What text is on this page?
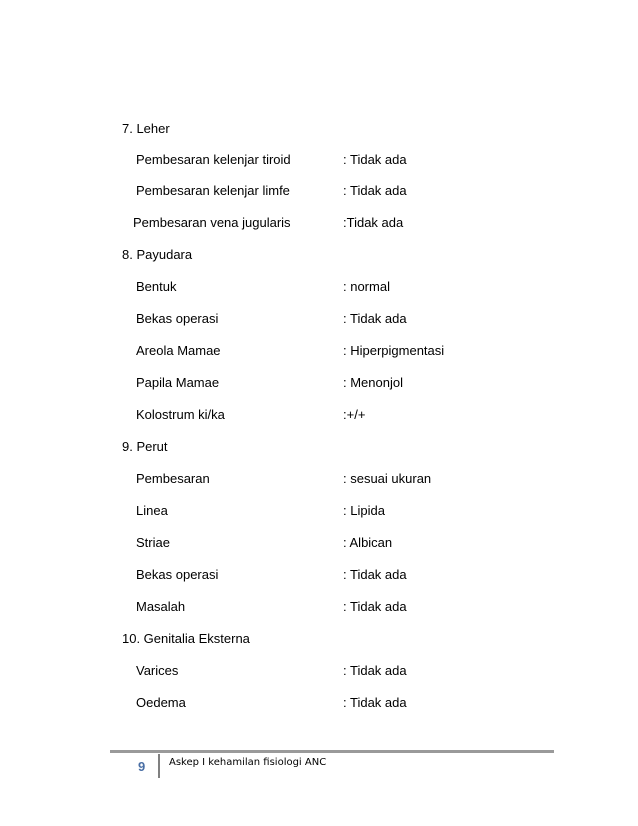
7. Leher
Pembesaran kelenjar tiroid	: Tidak ada
Pembesaran kelenjar limfe	: Tidak ada
Pembesaran vena jugularis	:Tidak ada
8. Payudara
Bentuk	: normal
Bekas operasi	: Tidak ada
Areola Mamae	: Hiperpigmentasi
Papila Mamae	: Menonjol
Kolostrum ki/ka	:+/+
9. Perut
Pembesaran	: sesuai ukuran
Linea	: Lipida
Striae	: Albican
Bekas operasi	: Tidak ada
Masalah	: Tidak ada
10. Genitalia Eksterna
Varices	: Tidak ada
Oedema	: Tidak ada
9 Askep I kehamilan fisiologi ANC
